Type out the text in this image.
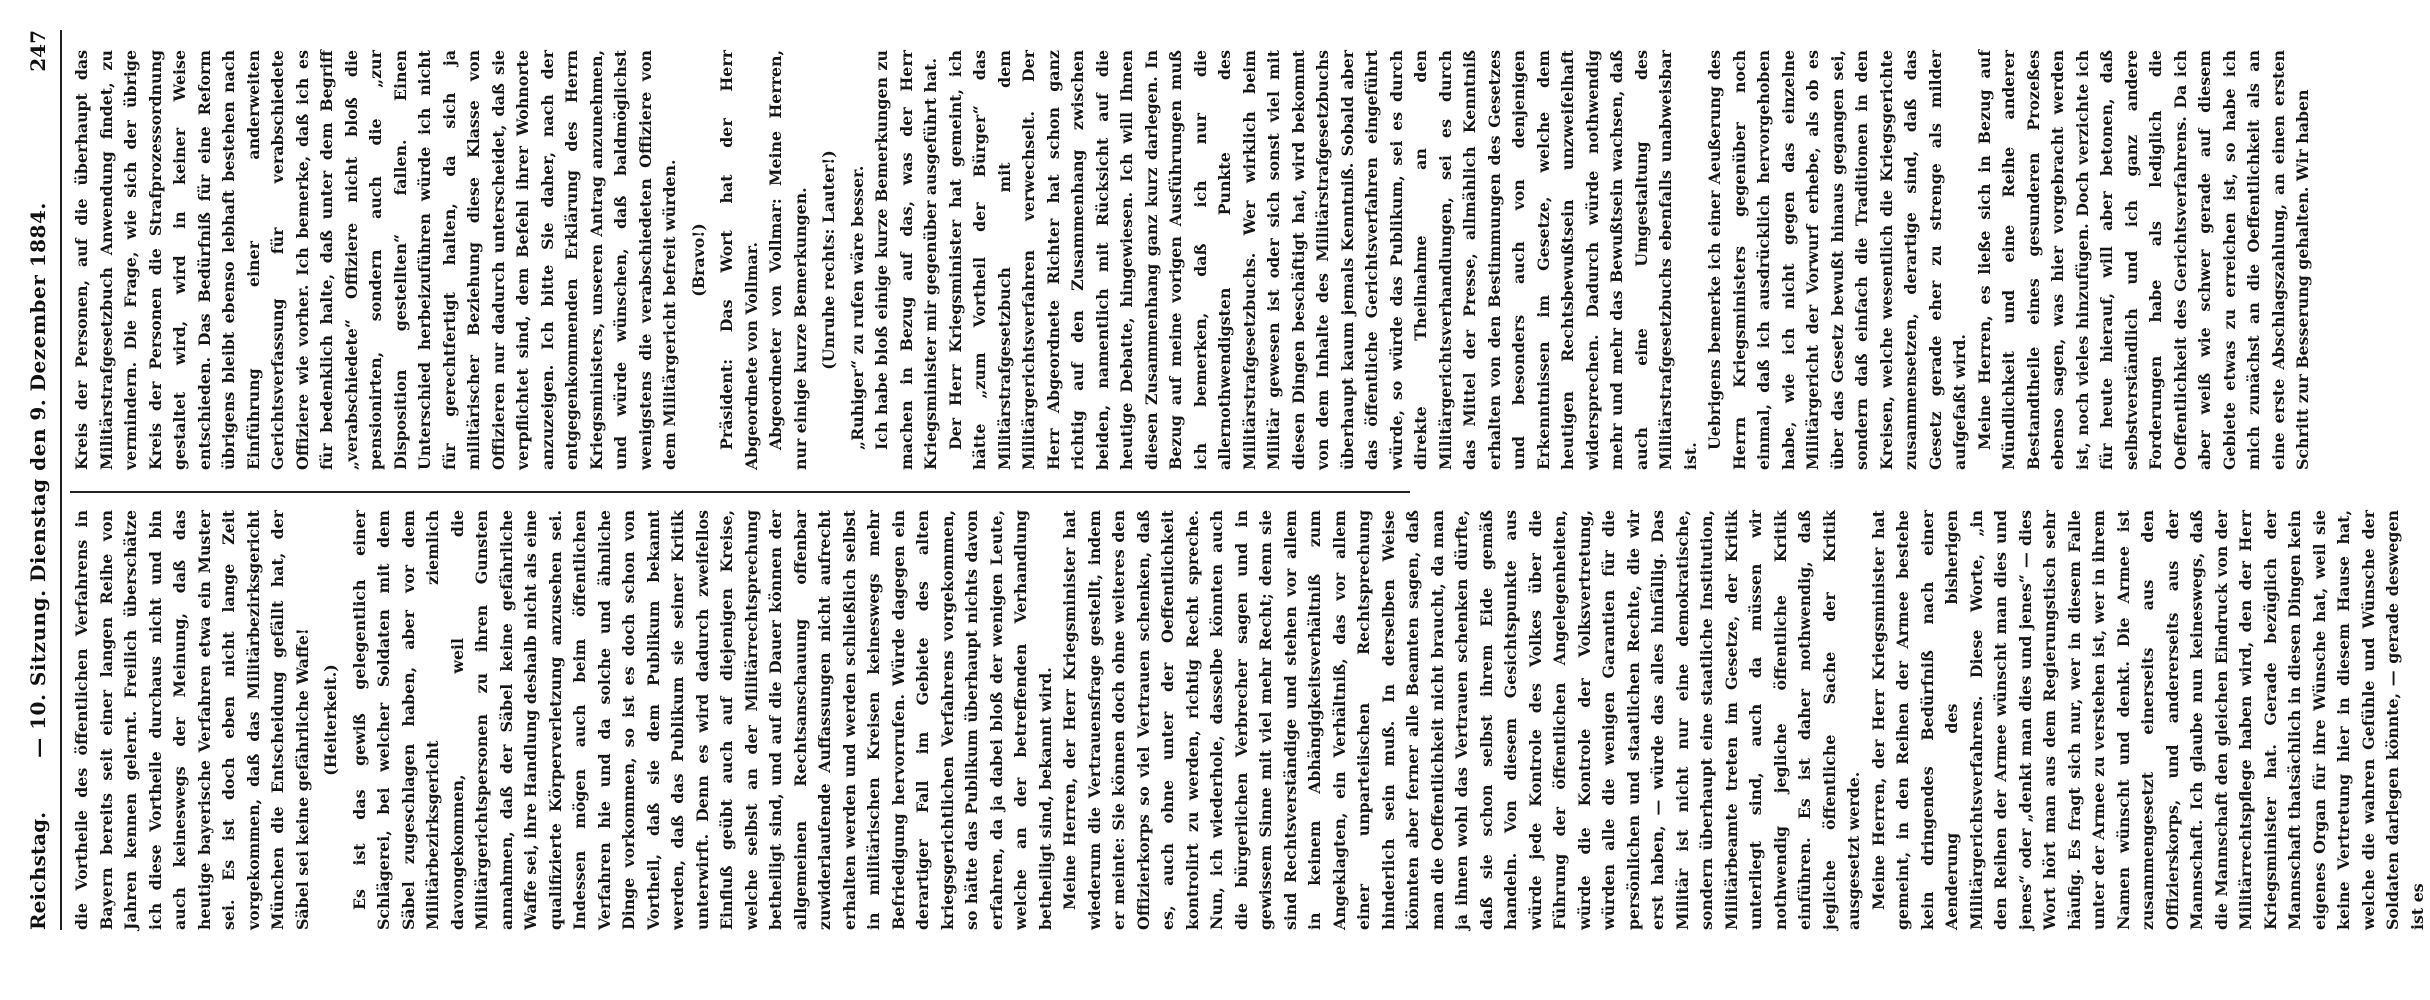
Reichstag.
— 10. Sitzung. Dienstag den 9. Dezember 1884.
247

die Vortheile des öffentlichen Verfahrens in Bayern bereits seit einer langen Reihe von Jahren kennen gelernt. Freilich überschätze ich diese Vortheile durchaus nicht und bin auch keineswegs der Meinung, daß das heutige bayerische Verfahren etwa ein Muster sei. Es ist doch eben nicht lange Zeit vorgekommen, daß das Militärbezirksgericht München die Entscheidung gefällt hat, der Säbel sei keine gefährliche Waffe! (Heiterkeit.) Es ist das gewiß gelegentlich einer Schlägerei, bei welcher Soldaten mit dem Säbel zugeschlagen haben, aber vor dem Militärbezirksgericht ziemlich davongekommen, weil die Militärgerichtspersonen zu ihren Gunsten annahmen, daß der Säbel keine gefährliche Waffe sei, ihre Handlung deshalb nicht als eine qualifizierte Körperverletzung anzusehen sei. Indessen mögen auch beim öffentlichen Verfahren hie und da solche und ähnliche Dinge vorkommen, so ist es doch schon von Vortheil, daß sie dem Publikum bekannt werden, daß das Publikum sie seiner Kritik unterwirft. Denn es wird dadurch zweifellos Einfluß geübt auch auf diejenigen Kreise, welche selbst an der Militärrechtsprechung betheiligt sind, und auf die Dauer können der allgemeinen Rechtsanschauung offenbar zuwiderlaufende Auffassungen nicht aufrecht erhalten werden und werden schließlich selbst in militärischen Kreisen keineswegs mehr Befriedigung hervorrufen. Würde dagegen ein derartiger Fall im Gebiete des alten kriegsgerichtlichen Verfahrens vorgekommen, so hätte das Publikum überhaupt nichts davon erfahren, da ja dabei bloß der wenigen Leute, welche an der betreffenden Verhandlung betheiligt sind, bekannt wird. Meine Herren, der Herr Kriegsminister hat wiederum die Vertrauensfrage gestellt, indem er meinte: Sie können doch ohne weiteres den Offizierkorps so viel Vertrauen schenken, daß es, auch ohne unter der Oeffentlichkeit kontrolirt zu werden, richtig Recht spreche. Nun, ich wiederhole, dasselbe könnten auch die bürgerlichen Verbrecher sagen und in gewissem Sinne mit viel mehr Recht; denn sie sind Rechtsverständige und stehen vor allem in keinem Abhängigkeitsverhältniß zum Angeklagten, ein Verhältniß, das vor allem einer unparteiischen Rechtsprechung hinderlich sein muß. In derselben Weise könnten aber ferner alle Beamten sagen, daß man die Oeffentlichkeit nicht braucht, da man ja ihnen wohl das Vertrauen schenken dürfte, daß sie schon selbst ihrem Eide gemäß handeln. Von diesem Gesichtspunkte aus würde jede Kontrole des Volkes über die Führung der öffentlichen Angelegenheiten, würde die Kontrole der Volksvertretung, würden alle die wenigen Garantien für die persönlichen und staatlichen Rechte, die wir erst haben, — würde das alles hinfällig. Das Militär ist nicht nur eine demokratische, sondern überhaupt eine staatliche Institution, Militärbeamte treten im Gesetze, der Kritik unterliegt sind, auch da müssen wir nothwendig jegliche öffentliche Kritik einführen. Es ist daher nothwendig, daß jegliche öffentliche Sache der Kritik ausgesetzt werde. Meine Herren, der Herr Kriegsminister hat gemeint, in den Reihen der Armee bestehe kein dringendes Bedürfniß nach einer Aenderung des bisherigen Militärgerichtsverfahrens. Diese Worte, „in den Reihen der Armee wünscht man dies und jenes“ oder „denkt man dies und jenes“ — dies Wort hört man aus dem Regierungstisch sehr häufig. Es fragt sich nur, wer in diesem Falle unter der Armee zu verstehen ist, wer in ihrem Namen wünscht und denkt. Die Armee ist zusammengesetzt einerseits aus den Offizierskorps, und andererseits aus der Mannschaft. Ich glaube nun keineswegs, daß die Mannschaft den gleichen Eindruck von der Militärrechtspflege haben wird, den der Herr Kriegsminister hat. Gerade bezüglich der Mannschaft thatsächlich in diesen Dingen kein eigenes Organ für ihre Wünsche hat, weil sie keine Vertretung hier in diesem Hause hat, welche die wahren Gefühle und Wünsche der Soldaten darlegen könnte, — gerade deswegen ist es

Kreis der Personen, auf die überhaupt das Militärstrafgesetzbuch Anwendung findet, zu vermindern. Die Frage, wie sich der übrige Kreis der Personen die Strafprozessordnung gestaltet wird, wird in keiner Weise entschieden. Das Bedürfniß für eine Reform übrigens bleibt ebenso lebhaft bestehen nach Einführung einer anderweiten Gerichtsverfassung für verabschiedete Offiziere wie vorher. Ich bemerke, daß ich es für bedenklich halte, daß unter dem Begriff „verabschiedete“ Offiziere nicht bloß die pensionirten, sondern auch die „zur Disposition gestellten“ fallen. Einen Unterschied herbeizuführen würde ich nicht für gerechtfertigt halten, da sich ja militärischer Beziehung diese Klasse von Offizieren nur dadurch unterscheidet, daß sie verpflichtet sind, dem Befehl ihrer Wohnorte anzuzeigen. Ich bitte Sie daher, nach der entgegenkommenden Erklärung des Herrn Kriegsministers, unseren Antrag anzunehmen, und würde wünschen, daß baldmöglichst wenigstens die verabschiedeten Offiziere von dem Militärgericht befreit würden. (Bravo!) Präsident: Das Wort hat der Herr Abgeordnete von Vollmar. Abgeordneter von Vollmar: Meine Herren, nur einige kurze Bemerkungen. (Unruhe rechts: Lauter!) „Ruhiger“ zu rufen wäre besser. Ich habe bloß einige kurze Bemerkungen zu machen in Bezug auf das, was der Herr Kriegsminister mir gegenüber ausgeführt hat. Der Herr Kriegsminister hat gemeint, ich hätte „zum Vortheil der Bürger“ das Militärstrafgesetzbuch mit dem Militärgerichtsverfahren verwechselt. Der Herr Abgeordnete Richter hat schon ganz richtig auf den Zusammenhang zwischen beiden, namentlich mit Rücksicht auf die heutige Debatte, hingewiesen. Ich will Ihnen diesen Zusammenhang ganz kurz darlegen. In Bezug auf meine vorigen Ausführungen muß ich bemerken, daß ich nur die allernothwendigsten Punkte des Militärstrafgesetzbuchs. Wer wirklich beim Militär gewesen ist oder sich sonst viel mit diesen Dingen beschäftigt hat, wird bekommt von dem Inhalte des Militärstrafgesetzbuchs überhaupt kaum jemals Kenntniß. Sobald aber das öffentliche Gerichtsverfahren eingeführt würde, so würde das Publikum, sei es durch direkte Theilnahme an den Militärgerichtsverhandlungen, sei es durch das Mittel der Presse, allmählich Kenntniß erhalten von den Bestimmungen des Gesetzes und besonders auch von denjenigen Erkenntnissen im Gesetze, welche dem heutigen Rechtsbewußtsein unzweifelhaft widersprechen. Dadurch würde nothwendig mehr und mehr das Bewußtsein wachsen, daß auch eine Umgestaltung des Militärstrafgesetzbuchs ebenfalls unabweisbar ist.

Uebrigens bemerke ich einer Aeußerung des Herrn Kriegsministers gegenüber noch einmal, daß ich ausdrücklich hervorgehoben habe, wie ich nicht gegen das einzelne Militärgericht der Vorwurf erhebe, als ob es über das Gesetz bewußt hinaus gegangen sei, sondern daß einfach die Traditionen in den Kreisen, welche wesentlich die Kriegsgerichte zusammensetzen, derartige sind, daß das Gesetz gerade eher zu strenge als milder aufgefaßt wird. Meine Herren, es ließe sich in Bezug auf Mündlichkeit und eine Reihe anderer Bestandtheile eines gesunderen Prozeßes ebenso sagen, was hier vorgebracht werden ist, noch vieles hinzufügen. Doch verzichte ich für heute hierauf, will aber betonen, daß selbstverständlich und ich ganz andere Forderungen habe als lediglich die Oeffentlichkeit des Gerichtsverfahrens. Da ich aber weiß wie schwer gerade auf diesem Gebiete etwas zu erreichen ist, so habe ich mich zunächst an die Oeffentlichkeit als an eine erste Abschlagszahlung, an einen ersten Schritt zur Besserung gehalten. Wir haben
